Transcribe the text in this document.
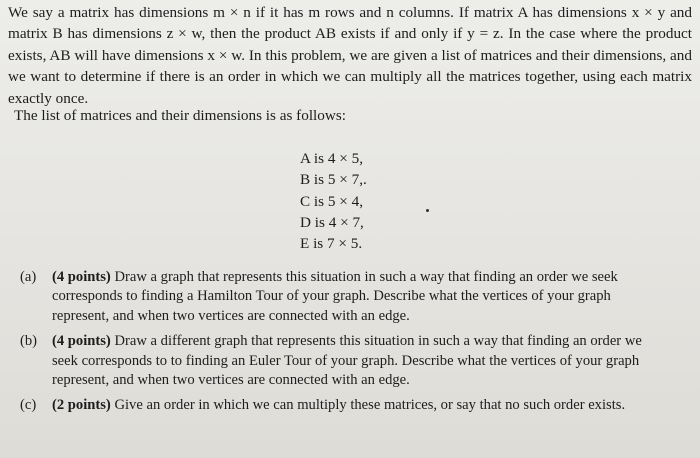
We say a matrix has dimensions m × n if it has m rows and n columns. If matrix A has dimensions x × y and matrix B has dimensions z × w, then the product AB exists if and only if y = z. In the case where the product exists, AB will have dimensions x × w. In this problem, we are given a list of matrices and their dimensions, and we want to determine if there is an order in which we can multiply all the matrices together, using each matrix exactly once.

The list of matrices and their dimensions is as follows:
A is 4 × 5,
B is 5 × 7,.
C is 5 × 4,
D is 4 × 7,
E is 7 × 5.
(a) (4 points) Draw a graph that represents this situation in such a way that finding an order we seek corresponds to finding a Hamilton Tour of your graph. Describe what the vertices of your graph represent, and when two vertices are connected with an edge.
(b) (4 points) Draw a different graph that represents this situation in such a way that finding an order we seek corresponds to to finding an Euler Tour of your graph. Describe what the vertices of your graph represent, and when two vertices are connected with an edge.
(c) (2 points) Give an order in which we can multiply these matrices, or say that no such order exists.
